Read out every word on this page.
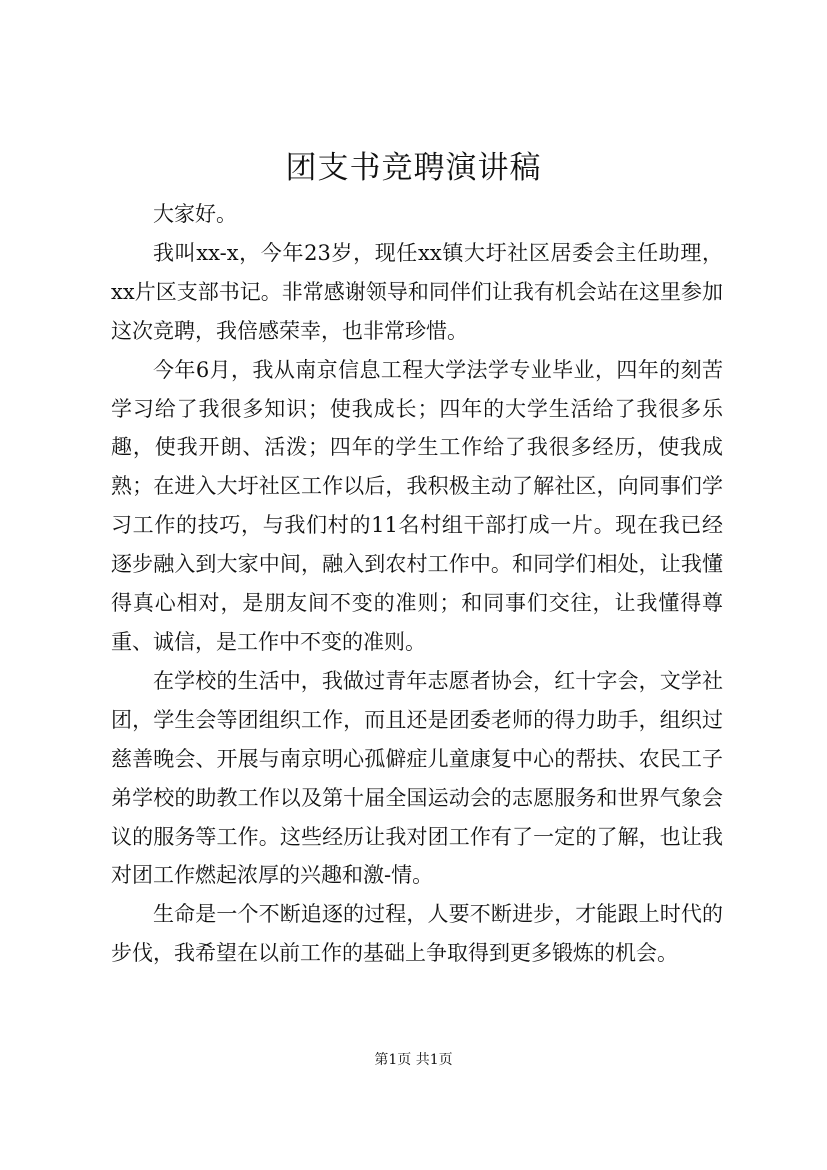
团支书竞聘演讲稿

大家好。

我叫xx-x，今年23岁，现任xx镇大圩社区居委会主任助理，xx片区支部书记。非常感谢领导和同伴们让我有机会站在这里参加这次竞聘，我倍感荣幸，也非常珍惜。

今年6月，我从南京信息工程大学法学专业毕业，四年的刻苦学习给了我很多知识；使我成长；四年的大学生活给了我很多乐趣，使我开朗、活泼；四年的学生工作给了我很多经历，使我成熟；在进入大圩社区工作以后，我积极主动了解社区，向同事们学习工作的技巧，与我们村的11名村组干部打成一片。现在我已经逐步融入到大家中间，融入到农村工作中。和同学们相处，让我懂得真心相对，是朋友间不变的准则；和同事们交往，让我懂得尊重、诚信，是工作中不变的准则。

在学校的生活中，我做过青年志愿者协会，红十字会，文学社团，学生会等团组织工作，而且还是团委老师的得力助手，组织过慈善晚会、开展与南京明心孤僻症儿童康复中心的帮扶、农民工子弟学校的助教工作以及第十届全国运动会的志愿服务和世界气象会议的服务等工作。这些经历让我对团工作有了一定的了解，也让我对团工作燃起浓厚的兴趣和激-情。

生命是一个不断追逐的过程，人要不断进步，才能跟上时代的步伐，我希望在以前工作的基础上争取得到更多锻炼的机会。

第1页 共1页
